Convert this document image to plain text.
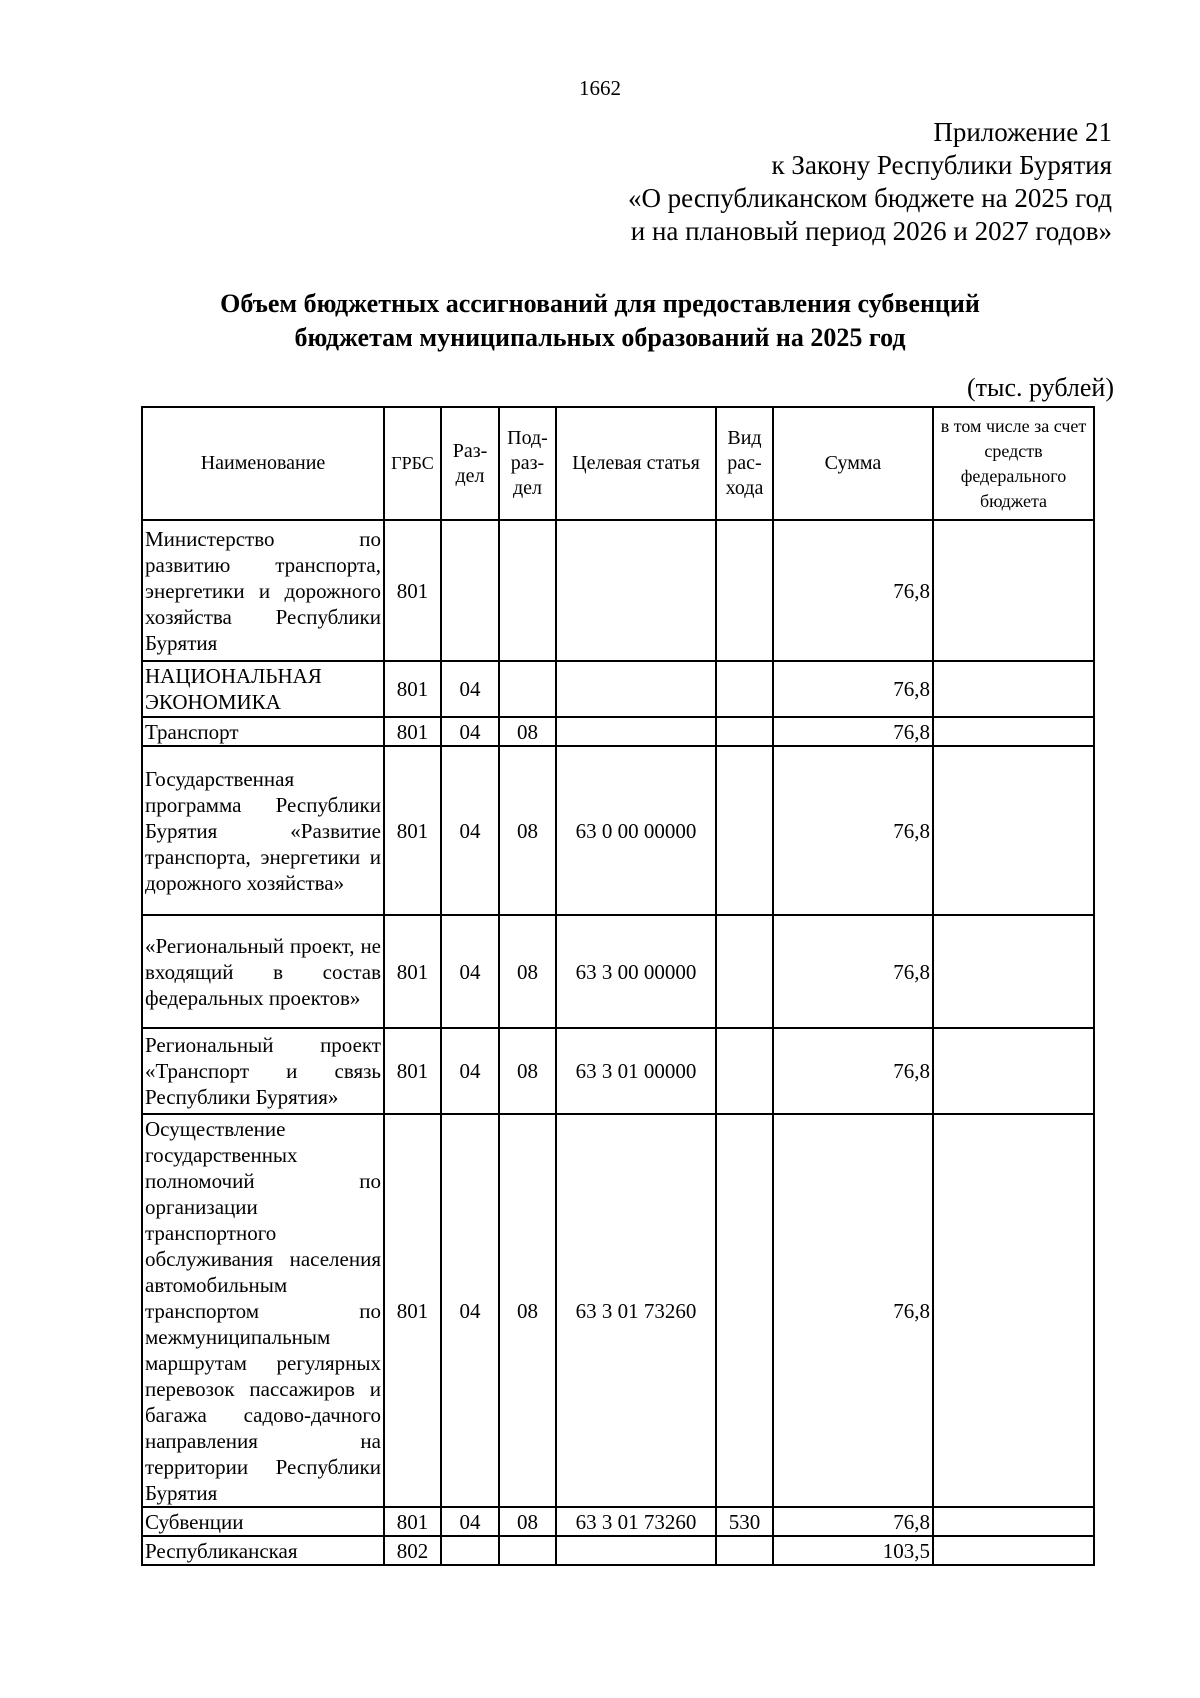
1662
Приложение 21
к Закону Республики Бурятия
«О республиканском бюджете на 2025 год
и на плановый период 2026 и 2027 годов»
Объем бюджетных ассигнований для предоставления субвенций
бюджетам муниципальных образований на 2025 год
(тыс. рублей)
Наименование	ГРБС	Раз-дел	Под-раз-дел	Целевая статья	Вид рас-хода	Сумма	в том числе за счет средств федерального бюджета
Министерство по развитию транспорта, энергетики и дорожного хозяйства Республики Бурятия	801					76,8	
НАЦИОНАЛЬНАЯ ЭКОНОМИКА	801	04				76,8	
Транспорт	801	04	08			76,8	
Государственная программа Республики Бурятия «Развитие транспорта, энергетики и дорожного хозяйства»	801	04	08	63 0 00 00000		76,8	
«Региональный проект, не входящий в состав федеральных проектов»	801	04	08	63 3 00 00000		76,8	
Региональный проект «Транспорт и связь Республики Бурятия»	801	04	08	63 3 01 00000		76,8	
Осуществление государственных полномочий по организации транспортного обслуживания населения автомобильным транспортом по межмуниципальным маршрутам регулярных перевозок пассажиров и багажа садово-дачного направления на территории Республики Бурятия	801	04	08	63 3 01 73260		76,8	
Субвенции	801	04	08	63 3 01 73260	530	76,8	
Республиканская	802					103,5	
